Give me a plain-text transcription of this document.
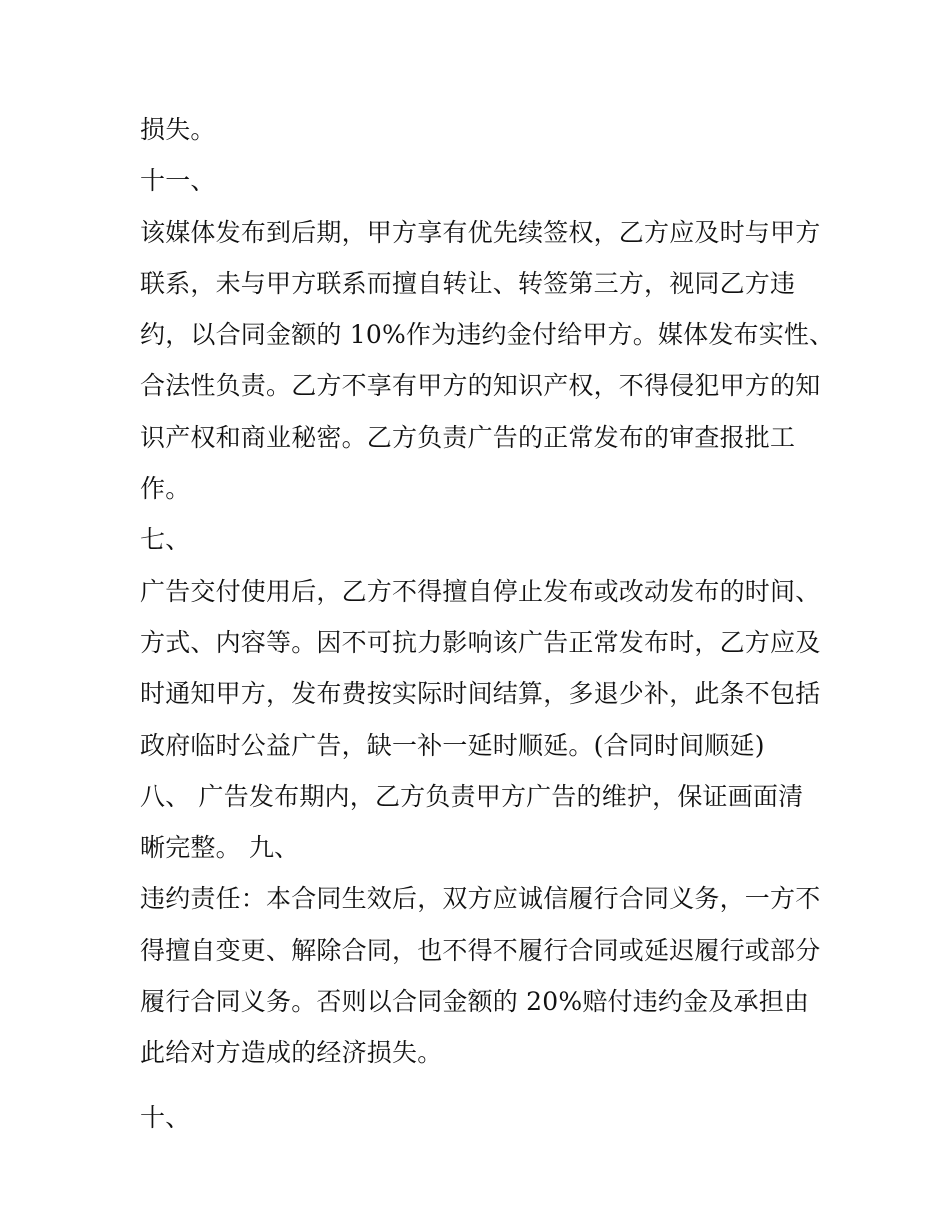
损失。
十一、
该媒体发布到后期，甲方享有优先续签权，乙方应及时与甲方
联系，未与甲方联系而擅自转让、转签第三方，视同乙方违
约，以合同金额的 10%作为违约金付给甲方。媒体发布实性、
合法性负责。乙方不享有甲方的知识产权，不得侵犯甲方的知
识产权和商业秘密。乙方负责广告的正常发布的审查报批工
作。
七、
广告交付使用后，乙方不得擅自停止发布或改动发布的时间、
方式、内容等。因不可抗力影响该广告正常发布时，乙方应及
时通知甲方，发布费按实际时间结算，多退少补，此条不包括
政府临时公益广告，缺一补一延时顺延。(合同时间顺延)
八、 广告发布期内，乙方负责甲方广告的维护，保证画面清
晰完整。 九、
违约责任：本合同生效后，双方应诚信履行合同义务，一方不
得擅自变更、解除合同，也不得不履行合同或延迟履行或部分
履行合同义务。否则以合同金额的 20%赔付违约金及承担由
此给对方造成的经济损失。
十、
